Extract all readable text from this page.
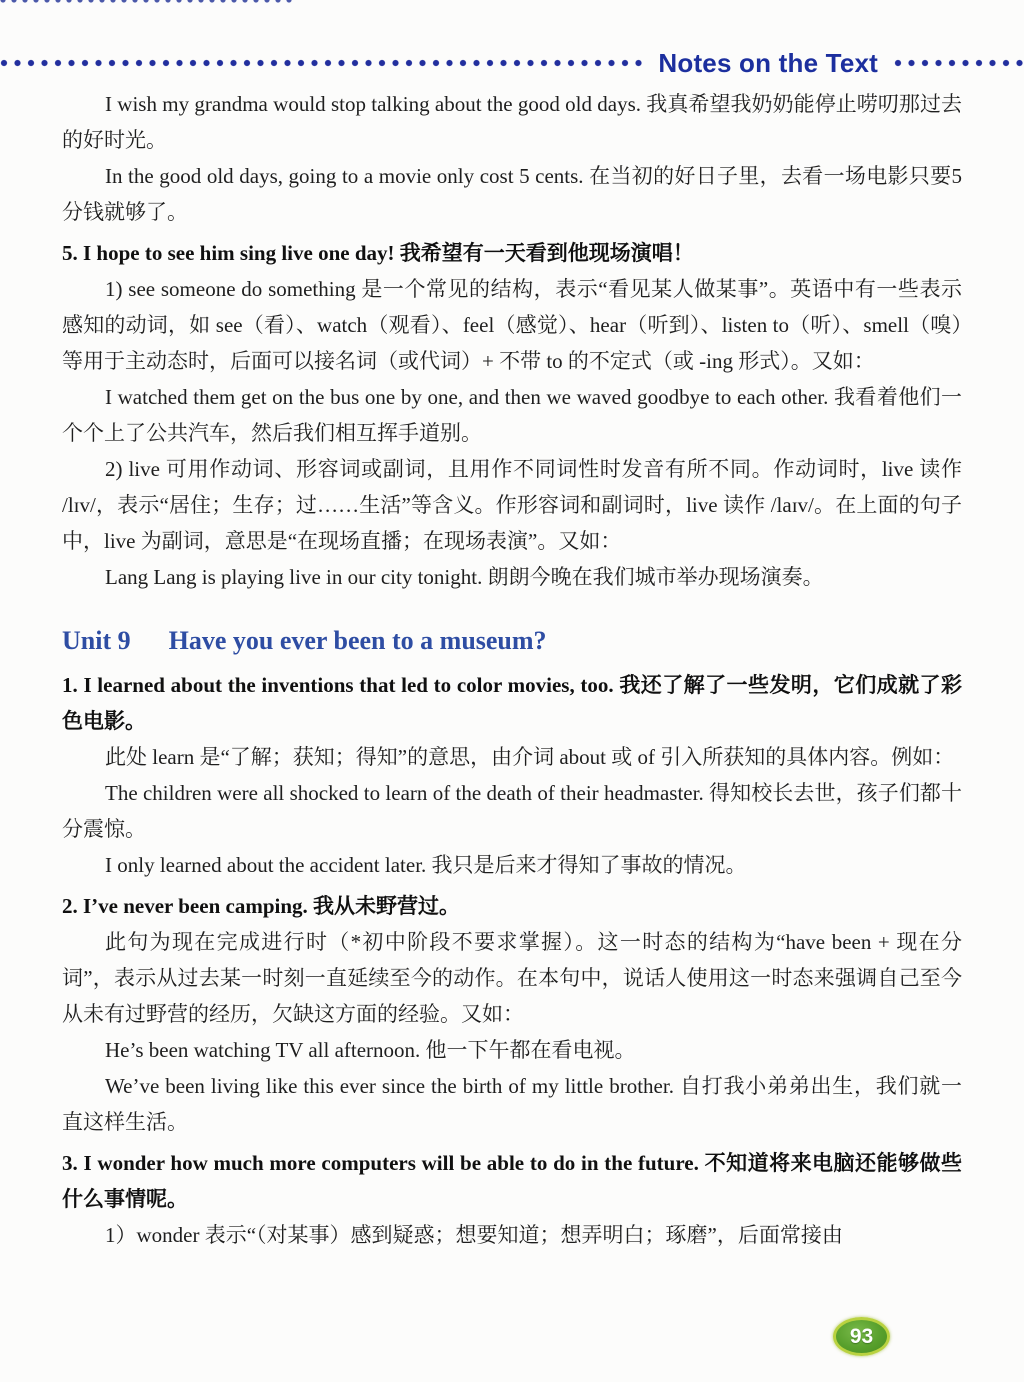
Notes on the Text

I wish my grandma would stop talking about the good old days. 我真希望我奶奶能停止唠叨那过去的好时光。

In the good old days, going to a movie only cost 5 cents. 在当初的好日子里，去看一场电影只要5分钱就够了。

5. I hope to see him sing live one day! 我希望有一天看到他现场演唱！

1) see someone do something 是一个常见的结构，表示“看见某人做某事”。英语中有一些表示感知的动词，如 see（看）、watch（观看）、feel（感觉）、hear（听到）、listen to（听）、smell（嗅）等用于主动态时，后面可以接名词（或代词）+ 不带 to 的不定式（或 -ing 形式）。又如：

I watched them get on the bus one by one, and then we waved goodbye to each other. 我看着他们一个个上了公共汽车，然后我们相互挥手道别。

2) live 可用作动词、形容词或副词，且用作不同词性时发音有所不同。作动词时，live 读作 /lɪv/，表示“居住；生存；过……生活”等含义。作形容词和副词时，live 读作 /laɪv/。在上面的句子中，live 为副词，意思是“在现场直播；在现场表演”。又如：

Lang Lang is playing live in our city tonight. 朗朗今晚在我们城市举办现场演奏。

Unit 9 Have you ever been to a museum?

1. I learned about the inventions that led to color movies, too. 我还了解了一些发明，它们成就了彩色电影。

此处 learn 是“了解；获知；得知”的意思，由介词 about 或 of 引入所获知的具体内容。例如：

The children were all shocked to learn of the death of their headmaster. 得知校长去世，孩子们都十分震惊。

I only learned about the accident later. 我只是后来才得知了事故的情况。

2. I’ve never been camping. 我从未野营过。

此句为现在完成进行时（*初中阶段不要求掌握）。这一时态的结构为“have been + 现在分词”，表示从过去某一时刻一直延续至今的动作。在本句中，说话人使用这一时态来强调自己至今从未有过野营的经历，欠缺这方面的经验。又如：

He’s been watching TV all afternoon. 他一下午都在看电视。

We’ve been living like this ever since the birth of my little brother. 自打我小弟弟出生，我们就一直这样生活。

3. I wonder how much more computers will be able to do in the future. 不知道将来电脑还能够做些什么事情呢。

1）wonder 表示“（对某事）感到疑惑；想要知道；想弄明白；琢磨”，后面常接由

93
